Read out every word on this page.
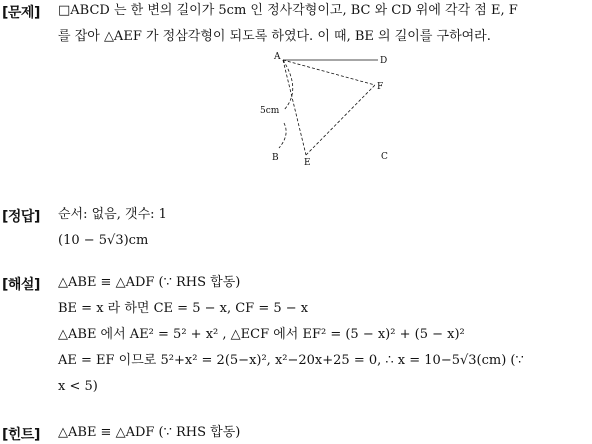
[문제] □ABCD 는 한 변의 길이가 5cm 인 정사각형이고, BC 와 CD 위에 각각 점 E, F
를 잡아 △AEF 가 정삼각형이 되도록 하였다. 이 때, BE 의 길이를 구하여라.
A	D
F
B	E
C
5cm
[정답] 순서: 없음, 갯수: 1
(10 − 5√3)cm
[해설] △ABE ≡ △ADF (∵ RHS 합동)
BE = x 라 하면 CE = 5 − x, CF = 5 − x
△ABE 에서 AE² = 5² + x² , △ECF 에서 EF² = (5 − x)² + (5 − x)²
AE = EF 이므로 5²+x² = 2(5−x)², x²−20x+25 = 0, ∴ x = 10−5√3(cm) (∵
x < 5)
[힌트] △ABE ≡ △ADF (∵ RHS 합동)
